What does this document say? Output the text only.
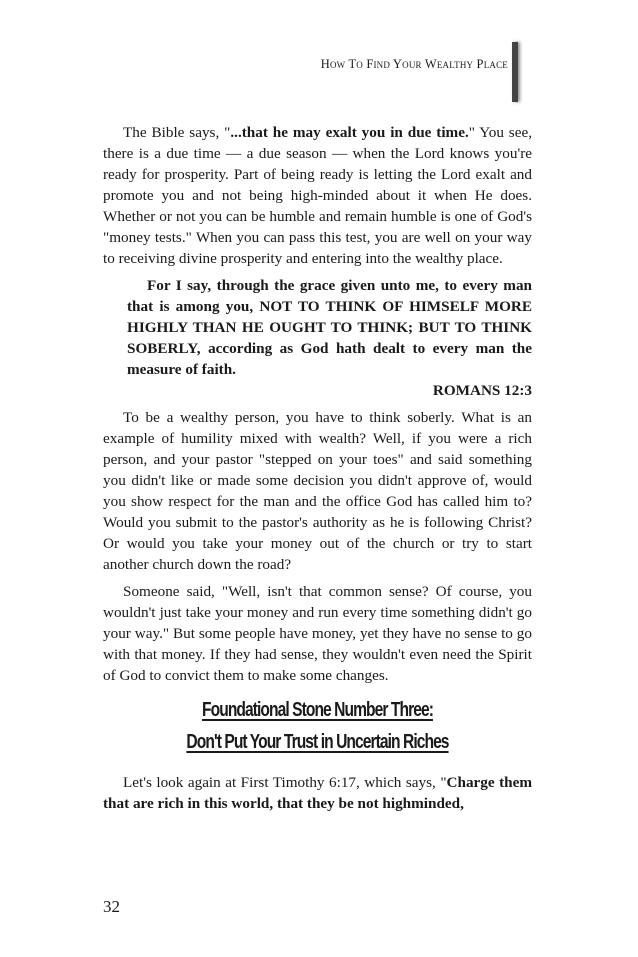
How To Find Your Wealthy Place

The Bible says, "...that he may exalt you in due time." You see, there is a due time — a due season — when the Lord knows you're ready for prosperity. Part of being ready is letting the Lord exalt and promote you and not being high-minded about it when He does. Whether or not you can be humble and remain humble is one of God's "money tests." When you can pass this test, you are well on your way to receiving divine prosperity and entering into the wealthy place.

For I say, through the grace given unto me, to every man that is among you, NOT TO THINK OF HIMSELF MORE HIGHLY THAN HE OUGHT TO THINK; BUT TO THINK SOBERLY, according as God hath dealt to every man the measure of faith.
ROMANS 12:3

To be a wealthy person, you have to think soberly. What is an example of humility mixed with wealth? Well, if you were a rich person, and your pastor "stepped on your toes" and said something you didn't like or made some decision you didn't approve of, would you show respect for the man and the office God has called him to? Would you submit to the pastor's authority as he is following Christ? Or would you take your money out of the church or try to start another church down the road?

Someone said, "Well, isn't that common sense? Of course, you wouldn't just take your money and run every time something didn't go your way." But some people have money, yet they have no sense to go with that money. If they had sense, they wouldn't even need the Spirit of God to convict them to make some changes.

Foundational Stone Number Three:
Don't Put Your Trust in Uncertain Riches

Let's look again at First Timothy 6:17, which says, "Charge them that are rich in this world, that they be not highminded,

32
